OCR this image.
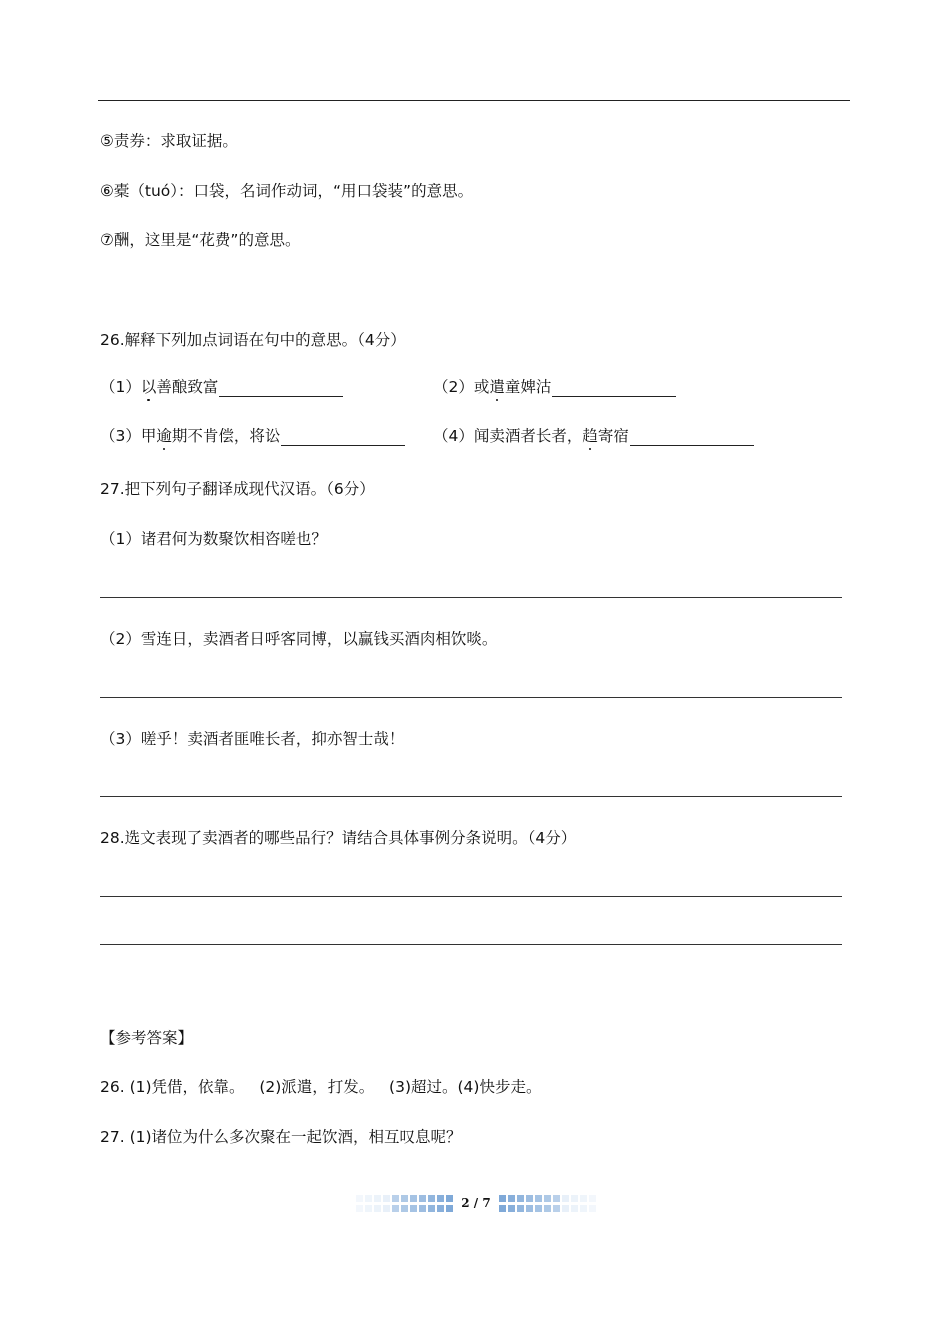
⑤责券：求取证据。
⑥橐（tuó）：口袋，名词作动词，“用口袋装”的意思。
⑦酬，这里是“花费”的意思。
26.解释下列加点词语在句中的意思。（4分）
（1）以善酿致富	（2）或遣童婢沽
（3）甲逾期不肯偿，将讼	（4）闻卖酒者长者，趋寄宿
27.把下列句子翻译成现代汉语。（6分）
（1）诸君何为数聚饮相咨嗟也？
（2）雪连日，卖酒者日呼客同博，以赢钱买酒肉相饮啖。
（3）嗟乎！卖酒者匪唯长者，抑亦智士哉！
28.选文表现了卖酒者的哪些品行？请结合具体事例分条说明。（4分）
【参考答案】
26. (1)凭借，依靠。   (2)派遣，打发。   (3)超过。(4)快步走。
27. (1)诸位为什么多次聚在一起饮酒，相互叹息呢？
2 / 7
